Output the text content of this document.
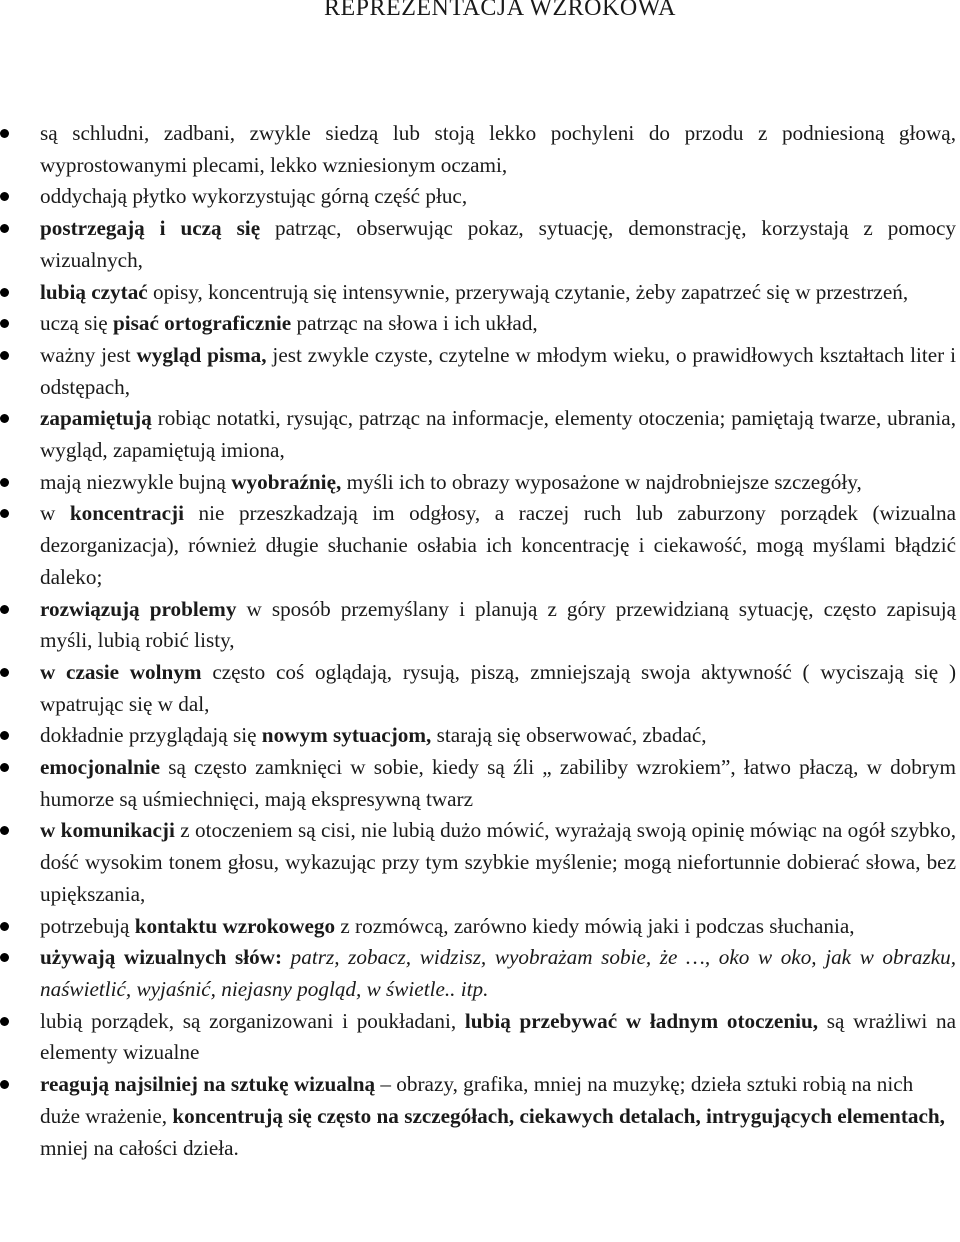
REPREZENTACJA WZROKOWA
są schludni, zadbani, zwykle siedzą lub stoją lekko pochyleni do przodu z podniesioną głową, wyprostowanymi plecami, lekko wzniesionym oczami,
oddychają płytko wykorzystując górną część płuc,
postrzegają i uczą się patrząc, obserwując pokaz, sytuację, demonstrację, korzystają z pomocy wizualnych,
lubią czytać opisy, koncentrują się intensywnie, przerywają czytanie, żeby zapatrzeć się w przestrzeń,
uczą się pisać ortograficznie patrząc na słowa i ich układ,
ważny jest wygląd pisma, jest zwykle czyste, czytelne w młodym wieku, o prawidłowych kształtach liter i odstępach,
zapamiętują robiąc notatki, rysując, patrząc na informacje, elementy otoczenia; pamiętają twarze, ubrania, wygląd, zapamiętują imiona,
mają niezwykle bujną wyobraźnię, myśli ich to obrazy wyposażone w najdrobniejsze szczegóły,
w koncentracji nie przeszkadzają im odgłosy, a raczej ruch lub zaburzony porządek (wizualna dezorganizacja), również długie słuchanie osłabia ich koncentrację i ciekawość, mogą myślami błądzić daleko;
rozwiązują problemy w sposób przemyślany i planują z góry przewidzianą sytuację, często zapisują myśli, lubią robić listy,
w czasie wolnym często coś oglądają, rysują, piszą, zmniejszają swoja aktywność ( wyciszają się ) wpatrując się w dal,
dokładnie przyglądają się nowym sytuacjom, starają się obserwować, zbadać,
emocjonalnie są często zamknięci w sobie, kiedy są źli „ zabiliby wzrokiem”, łatwo płaczą, w dobrym humorze są uśmiechnięci, mają ekspresywną twarz
w komunikacji z otoczeniem są cisi, nie lubią dużo mówić, wyrażają swoją opinię mówiąc na ogół szybko, dość wysokim tonem głosu, wykazując przy tym szybkie myślenie; mogą niefortunnie dobierać słowa, bez upiększania,
potrzebują kontaktu wzrokowego z rozmówcą, zarówno kiedy mówią jaki i podczas słuchania,
używają wizualnych słów: patrz, zobacz, widzisz, wyobrażam sobie, że …, oko w oko, jak w obrazku, naświetlić, wyjaśnić, niejasny pogląd, w świetle.. itp.
lubią porządek, są zorganizowani i poukładani, lubią przebywać w ładnym otoczeniu, są wrażliwi na elementy wizualne
reagują najsilniej na sztukę wizualną – obrazy, grafika, mniej na muzykę; dzieła sztuki robią na nich duże wrażenie, koncentrują się często na szczegółach, ciekawych detalach, intrygujących elementach, mniej na całości dzieła.
